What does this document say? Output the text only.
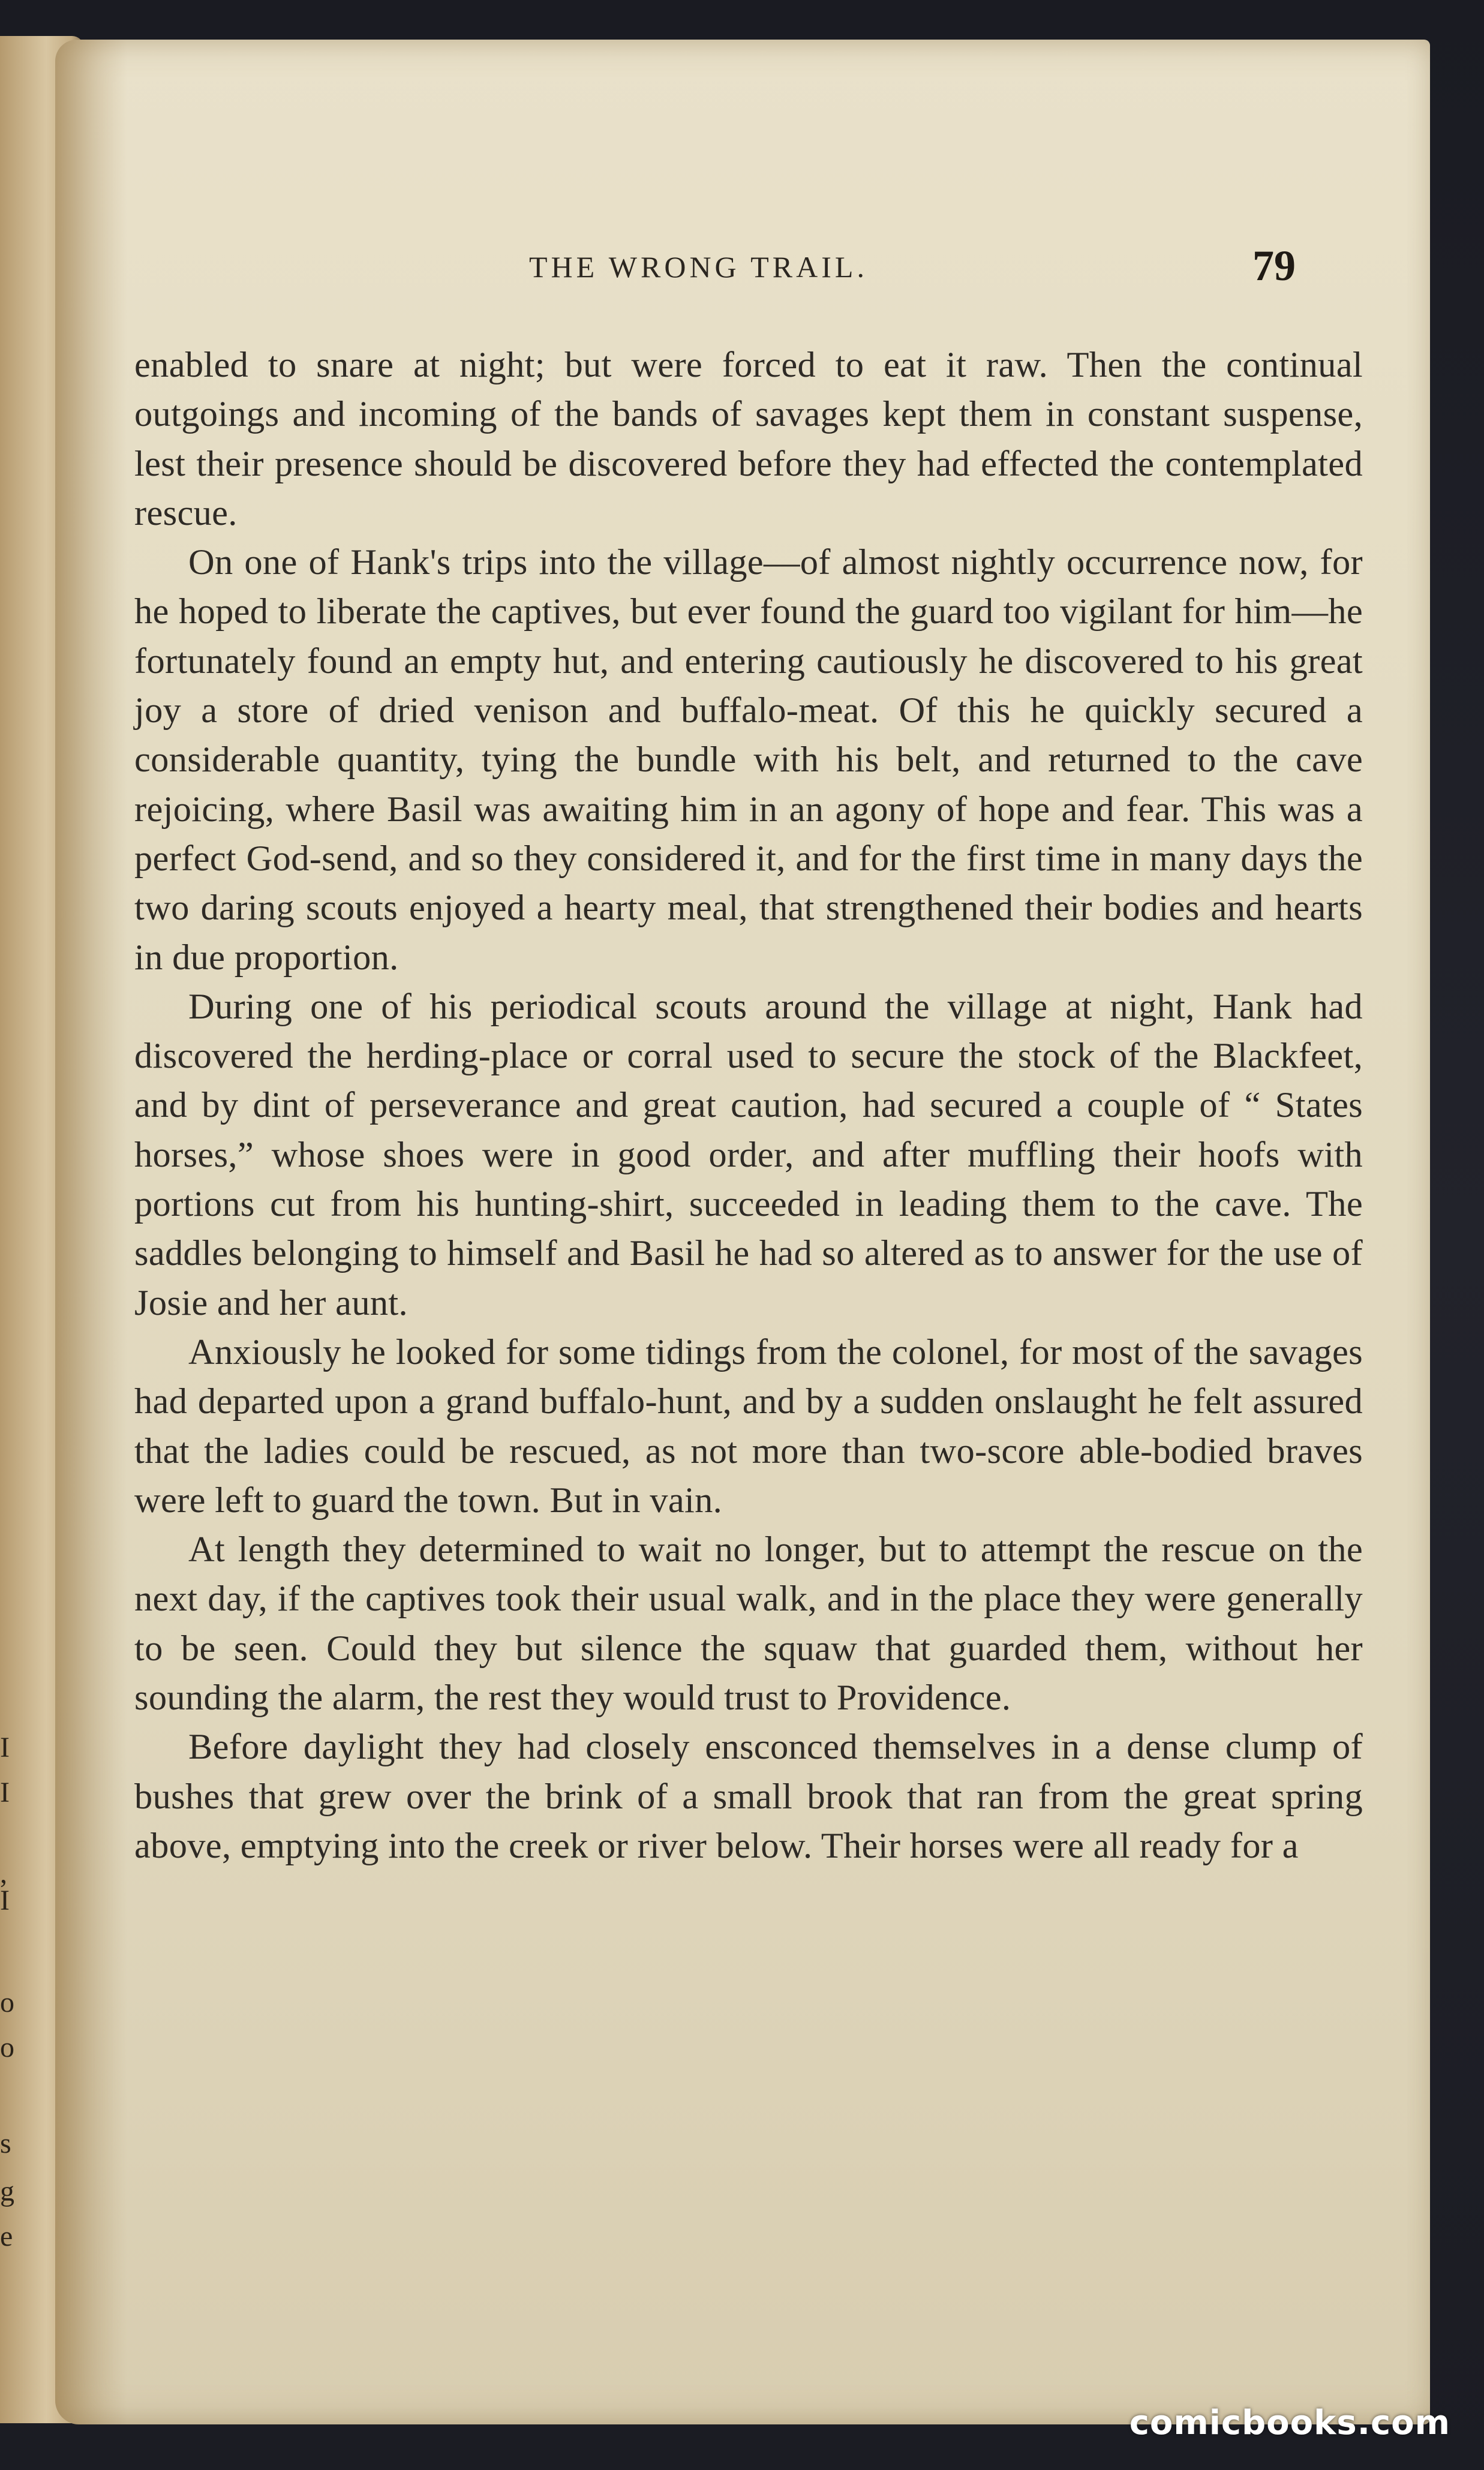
I
I
,
I
o
o
s
g
e
THE WRONG TRAIL.	79

enabled to snare at night; but were forced to eat it raw. Then the continual outgoings and incoming of the bands of savages kept them in constant suspense, lest their presence should be discovered before they had effected the contemplated rescue.

On one of Hank's trips into the village—of almost nightly occurrence now, for he hoped to liberate the captives, but ever found the guard too vigilant for him—he fortunately found an empty hut, and entering cautiously he discovered to his great joy a store of dried venison and buffalo-meat. Of this he quickly secured a considerable quantity, tying the bundle with his belt, and returned to the cave rejoicing, where Basil was awaiting him in an agony of hope and fear. This was a perfect God-send, and so they considered it, and for the first time in many days the two daring scouts enjoyed a hearty meal, that strengthened their bodies and hearts in due proportion.

During one of his periodical scouts around the village at night, Hank had discovered the herding-place or corral used to secure the stock of the Blackfeet, and by dint of perseverance and great caution, had secured a couple of “ States horses,” whose shoes were in good order, and after muffling their hoofs with portions cut from his hunting-shirt, succeeded in leading them to the cave. The saddles belonging to himself and Basil he had so altered as to answer for the use of Josie and her aunt.

Anxiously he looked for some tidings from the colonel, for most of the savages had departed upon a grand buffalo-hunt, and by a sudden onslaught he felt assured that the ladies could be rescued, as not more than two-score able-bodied braves were left to guard the town. But in vain.

At length they determined to wait no longer, but to attempt the rescue on the next day, if the captives took their usual walk, and in the place they were generally to be seen. Could they but silence the squaw that guarded them, without her sounding the alarm, the rest they would trust to Providence.

Before daylight they had closely ensconced themselves in a dense clump of bushes that grew over the brink of a small brook that ran from the great spring above, emptying into the creek or river below. Their horses were all ready for a

comicbooks.com
